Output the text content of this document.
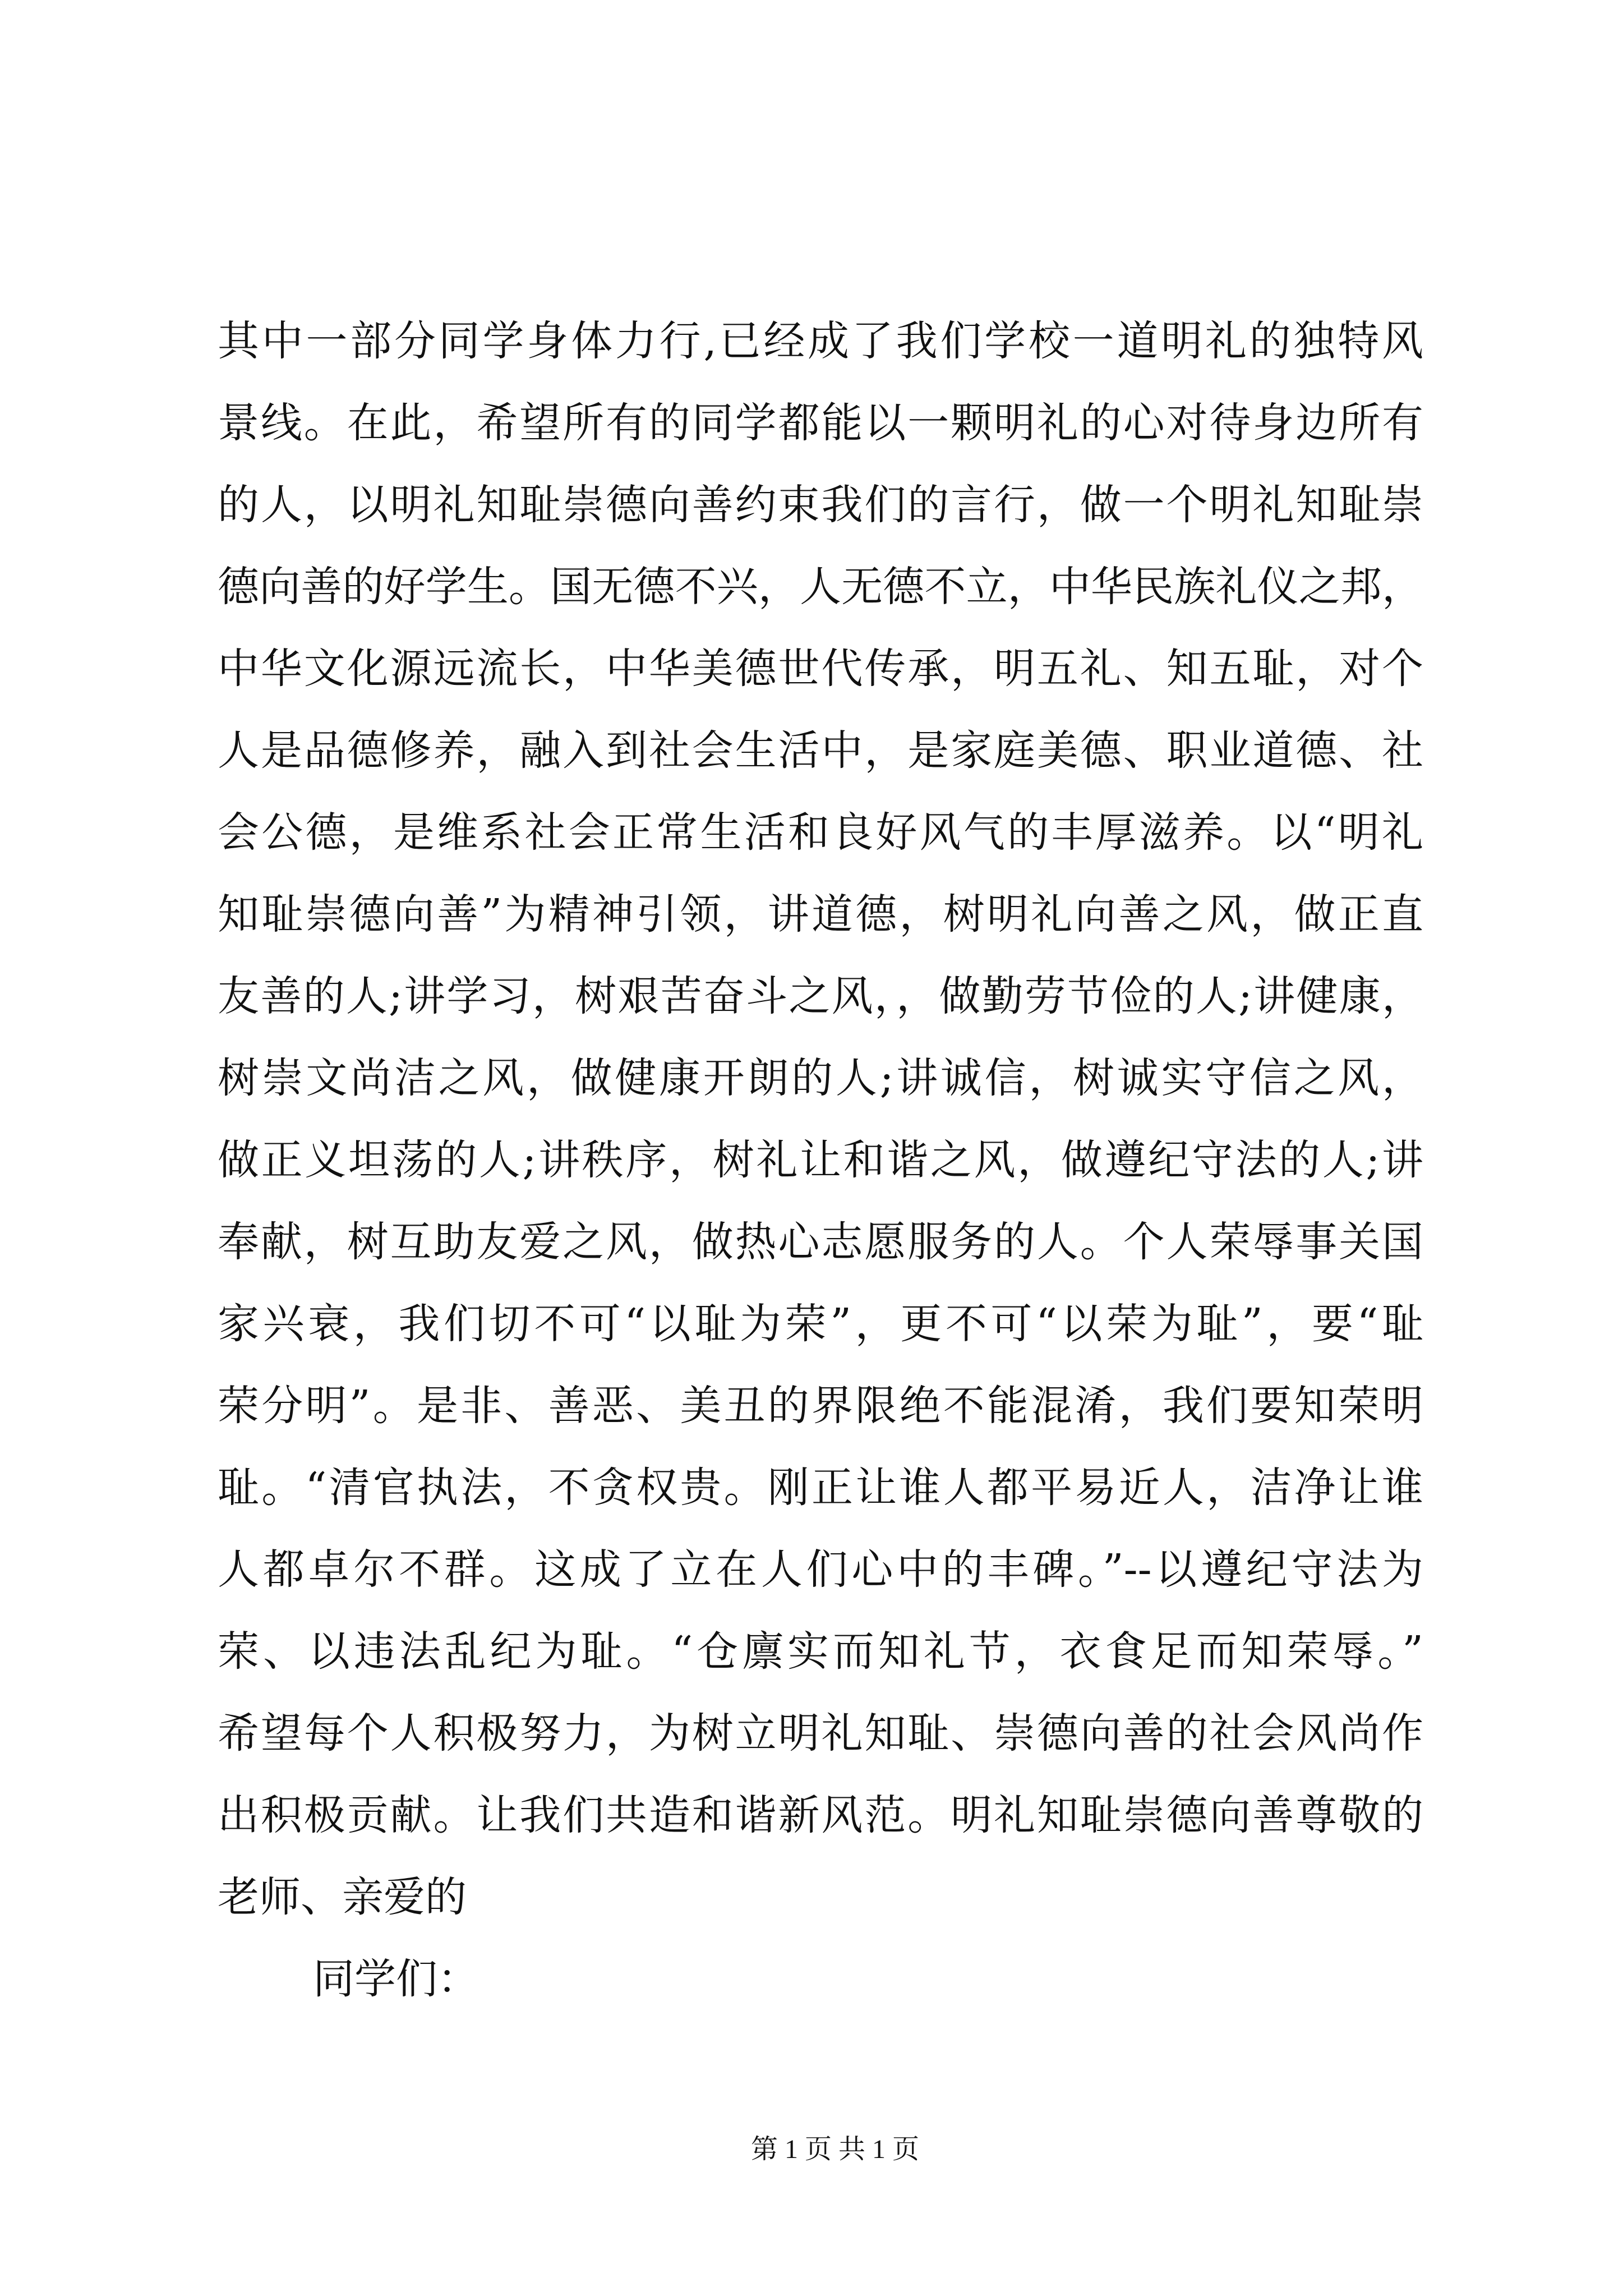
其中一部分同学身体力行,已经成了我们学校一道明礼的独特风
景线。在此，希望所有的同学都能以一颗明礼的心对待身边所有
的人，以明礼知耻崇德向善约束我们的言行，做一个明礼知耻崇
德向善的好学生。国无德不兴，人无德不立，中华民族礼仪之邦，
中华文化源远流长，中华美德世代传承，明五礼、知五耻，对个
人是品德修养，融入到社会生活中，是家庭美德、职业道德、社
会公德，是维系社会正常生活和良好风气的丰厚滋养。以“明礼
知耻崇德向善”为精神引领，讲道德，树明礼向善之风，做正直
友善的人;讲学习，树艰苦奋斗之风，，做勤劳节俭的人;讲健康，
树崇文尚洁之风，做健康开朗的人;讲诚信，树诚实守信之风，
做正义坦荡的人;讲秩序，树礼让和谐之风，做遵纪守法的人;讲
奉献，树互助友爱之风，做热心志愿服务的人。个人荣辱事关国
家兴衰，我们切不可“以耻为荣”，更不可“以荣为耻”，要“耻
荣分明”。是非、善恶、美丑的界限绝不能混淆，我们要知荣明
耻。“清官执法，不贪权贵。刚正让谁人都平易近人，洁净让谁
人都卓尔不群。这成了立在人们心中的丰碑。”--以遵纪守法为
荣、以违法乱纪为耻。“仓廪实而知礼节，衣食足而知荣辱。”
希望每个人积极努力，为树立明礼知耻、崇德向善的社会风尚作
出积极贡献。让我们共造和谐新风范。明礼知耻崇德向善尊敬的
老师、亲爱的
同学们：
第 1 页 共 1 页
